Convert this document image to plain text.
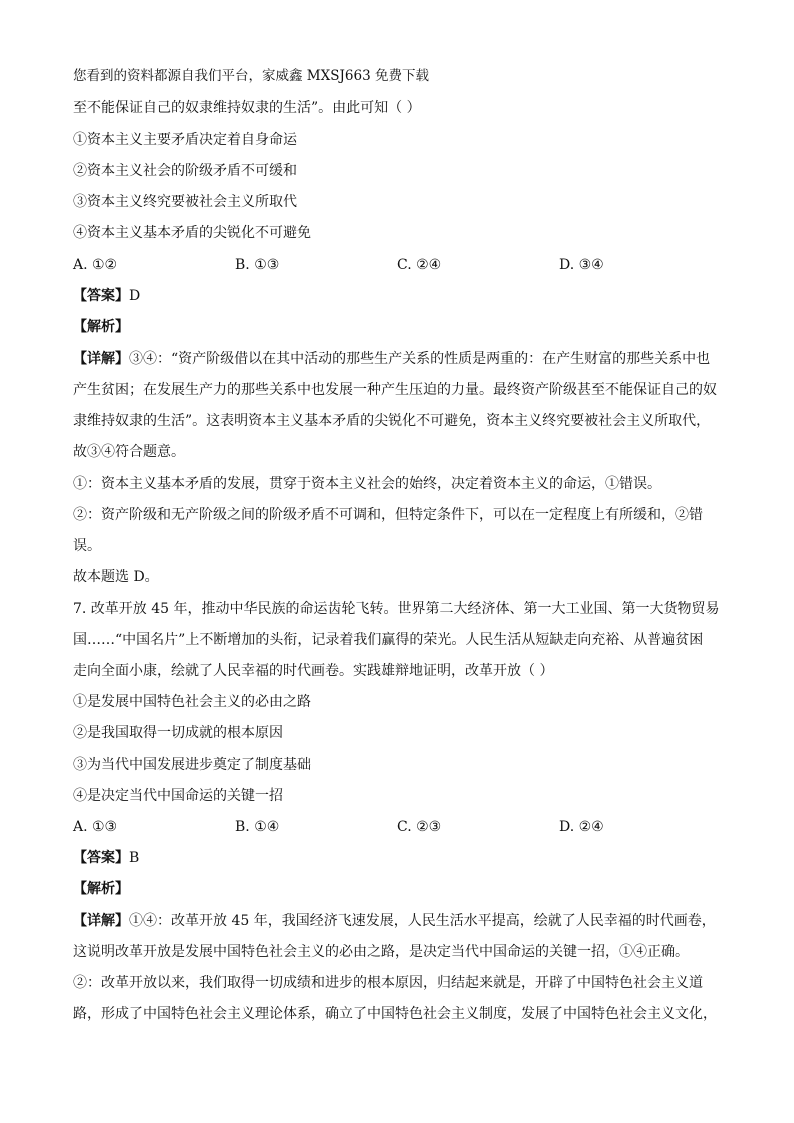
您看到的资料都源自我们平台，家威鑫 MXSJ663 免费下载
至不能保证自己的奴隶维持奴隶的生活”。由此可知（ ）
①资本主义主要矛盾决定着自身命运
②资本主义社会的阶级矛盾不可缓和
③资本主义终究要被社会主义所取代
④资本主义基本矛盾的尖锐化不可避免
A. ①②	B. ①③	C. ②④	D. ③④
【答案】D
【解析】
【详解】③④：“资产阶级借以在其中活动的那些生产关系的性质是两重的：在产生财富的那些关系中也
产生贫困；在发展生产力的那些关系中也发展一种产生压迫的力量。最终资产阶级甚至不能保证自己的奴
隶维持奴隶的生活”。这表明资本主义基本矛盾的尖锐化不可避免，资本主义终究要被社会主义所取代，
故③④符合题意。
①：资本主义基本矛盾的发展，贯穿于资本主义社会的始终，决定着资本主义的命运，①错误。
②：资产阶级和无产阶级之间的阶级矛盾不可调和，但特定条件下，可以在一定程度上有所缓和，②错
误。
故本题选 D。
7. 改革开放 45 年，推动中华民族的命运齿轮飞转。世界第二大经济体、第一大工业国、第一大货物贸易
国……“中国名片”上不断增加的头衔，记录着我们赢得的荣光。人民生活从短缺走向充裕、从普遍贫困
走向全面小康，绘就了人民幸福的时代画卷。实践雄辩地证明，改革开放（ ）
①是发展中国特色社会主义的必由之路
②是我国取得一切成就的根本原因
③为当代中国发展进步奠定了制度基础
④是决定当代中国命运的关键一招
A. ①③	B. ①④	C. ②③	D. ②④
【答案】B
【解析】
【详解】①④：改革开放 45 年，我国经济飞速发展，人民生活水平提高，绘就了人民幸福的时代画卷，
这说明改革开放是发展中国特色社会主义的必由之路，是决定当代中国命运的关键一招，①④正确。
②：改革开放以来，我们取得一切成绩和进步的根本原因，归结起来就是，开辟了中国特色社会主义道
路，形成了中国特色社会主义理论体系，确立了中国特色社会主义制度，发展了中国特色社会主义文化，
